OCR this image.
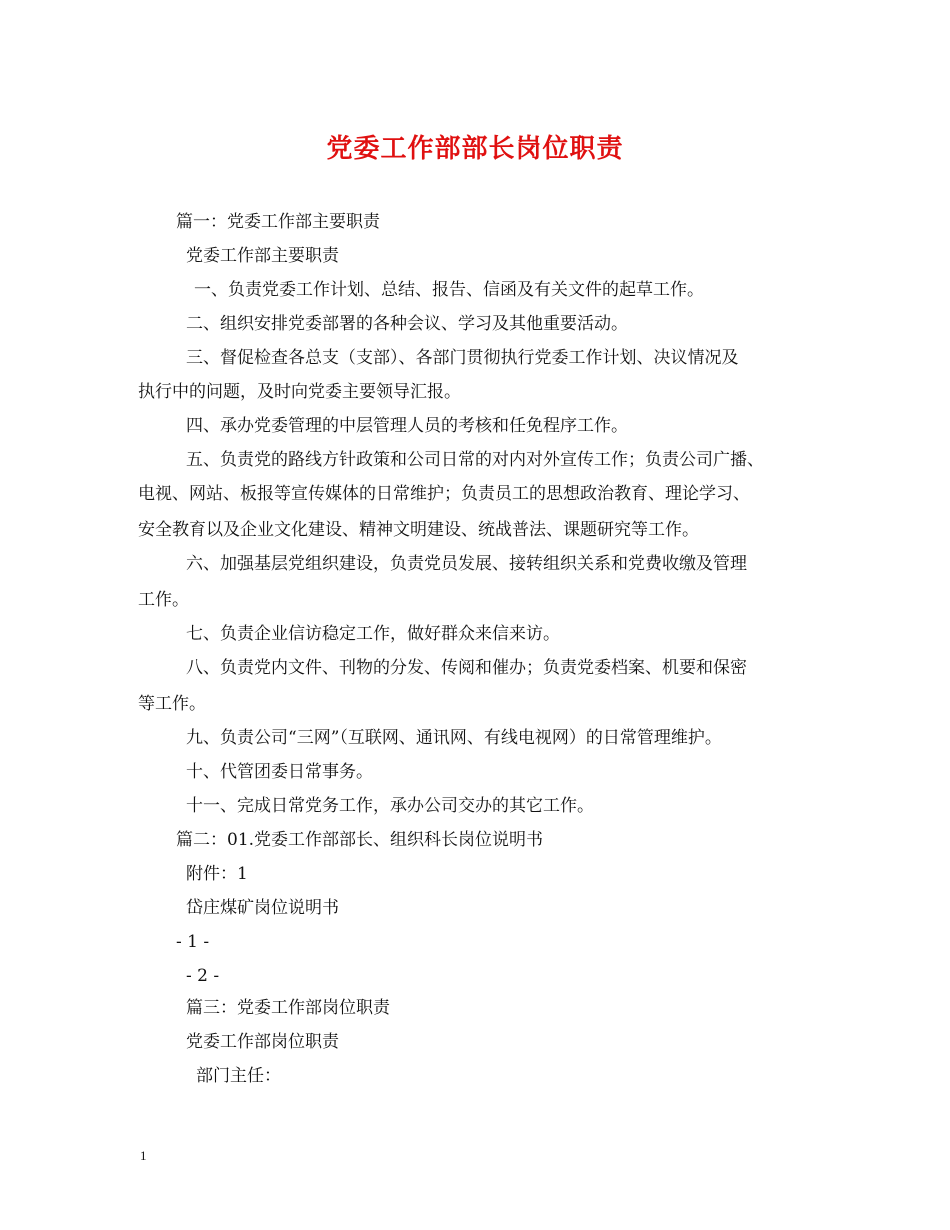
党委工作部部长岗位职责
篇一：党委工作部主要职责
党委工作部主要职责
一、负责党委工作计划、总结、报告、信函及有关文件的起草工作。
二、组织安排党委部署的各种会议、学习及其他重要活动。
三、督促检查各总支（支部）、各部门贯彻执行党委工作计划、决议情况及
执行中的问题，及时向党委主要领导汇报。
四、承办党委管理的中层管理人员的考核和任免程序工作。
五、负责党的路线方针政策和公司日常的对内对外宣传工作；负责公司广播、
电视、网站、板报等宣传媒体的日常维护；负责员工的思想政治教育、理论学习、
安全教育以及企业文化建设、精神文明建设、统战普法、课题研究等工作。
六、加强基层党组织建设，负责党员发展、接转组织关系和党费收缴及管理
工作。
七、负责企业信访稳定工作，做好群众来信来访。
八、负责党内文件、刊物的分发、传阅和催办；负责党委档案、机要和保密
等工作。
九、负责公司“三网”（互联网、通讯网、有线电视网）的日常管理维护。
十、代管团委日常事务。
十一、完成日常党务工作，承办公司交办的其它工作。
篇二：01.党委工作部部长、组织科长岗位说明书
附件：1
岱庄煤矿岗位说明书
- 1 -
- 2 -
篇三：党委工作部岗位职责
党委工作部岗位职责
部门主任：
1
